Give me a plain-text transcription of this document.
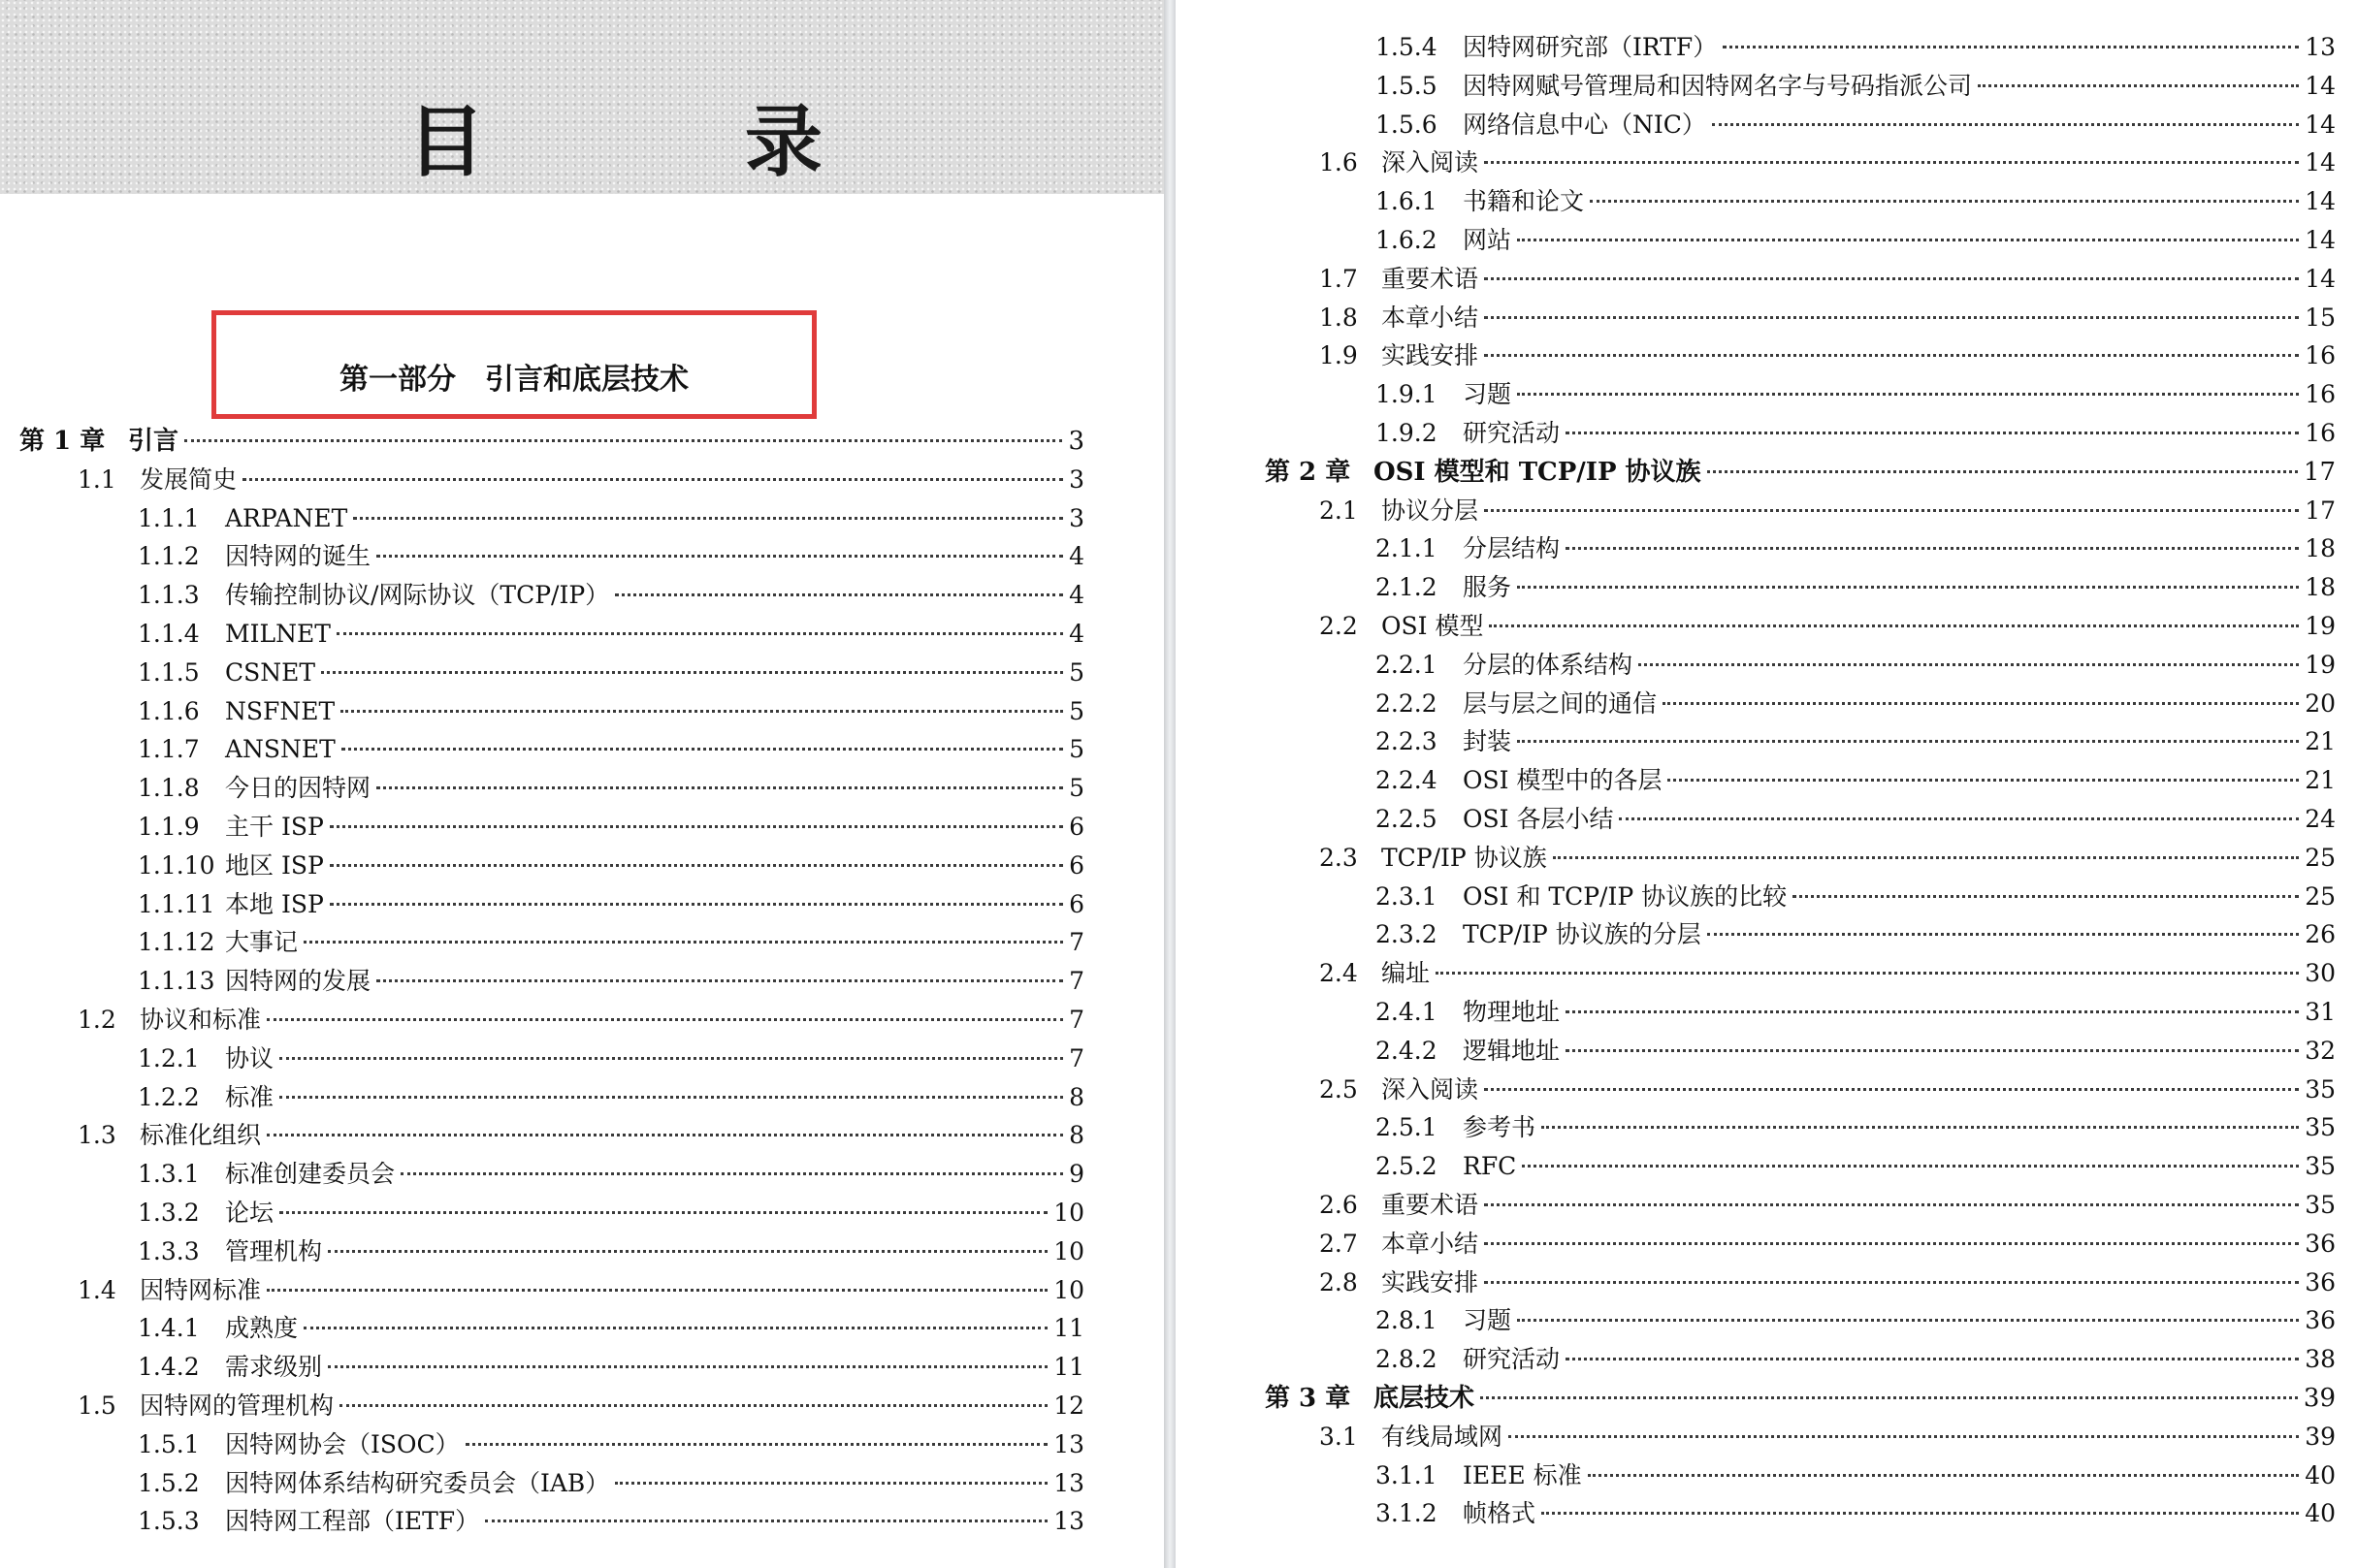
目 录
第一部分　引言和底层技术
第 1 章 引言	3
1.1 发展简史	3
1.1.1	ARPANET	3
1.1.2	因特网的诞生	4
1.1.3	传输控制协议/网际协议（TCP/IP）	4
1.1.4	MILNET	4
1.1.5	CSNET	5
1.1.6	NSFNET	5
1.1.7	ANSNET	5
1.1.8	今日的因特网	5
1.1.9	主干 ISP	6
1.1.10 地区 ISP	6
1.1.11 本地 ISP	6
1.1.12 大事记	7
1.1.13 因特网的发展	7
1.2 协议和标准	7
1.2.1	协议	7
1.2.2	标准	8
1.3 标准化组织	8
1.3.1	标准创建委员会	9
1.3.2	论坛	10
1.3.3	管理机构	10
1.4 因特网标准	10
1.4.1	成熟度	11
1.4.2	需求级别	11
1.5 因特网的管理机构	12
1.5.1	因特网协会（ISOC）	13
1.5.2	因特网体系结构研究委员会（IAB）	13
1.5.3	因特网工程部（IETF）	13
1.5.4	因特网研究部（IRTF）	13
1.5.5	因特网赋号管理局和因特网名字与号码指派公司	14
1.5.6	网络信息中心（NIC）	14
1.6 深入阅读	14
1.6.1	书籍和论文	14
1.6.2	网站	14
1.7 重要术语	14
1.8 本章小结	15
1.9 实践安排	16
1.9.1	习题	16
1.9.2	研究活动	16
第 2 章 OSI 模型和 TCP/IP 协议族	17
2.1 协议分层	17
2.1.1	分层结构	18
2.1.2	服务	18
2.2 OSI 模型	19
2.2.1	分层的体系结构	19
2.2.2	层与层之间的通信	20
2.2.3	封装	21
2.2.4	OSI 模型中的各层	21
2.2.5	OSI 各层小结	24
2.3 TCP/IP 协议族	25
2.3.1	OSI 和 TCP/IP 协议族的比较	25
2.3.2	TCP/IP 协议族的分层	26
2.4 编址	30
2.4.1	物理地址	31
2.4.2	逻辑地址	32
2.5 深入阅读	35
2.5.1	参考书	35
2.5.2	RFC	35
2.6 重要术语	35
2.7 本章小结	36
2.8 实践安排	36
2.8.1	习题	36
2.8.2	研究活动	38
第 3 章 底层技术	39
3.1 有线局域网	39
3.1.1	IEEE 标准	40
3.1.2	帧格式	40
